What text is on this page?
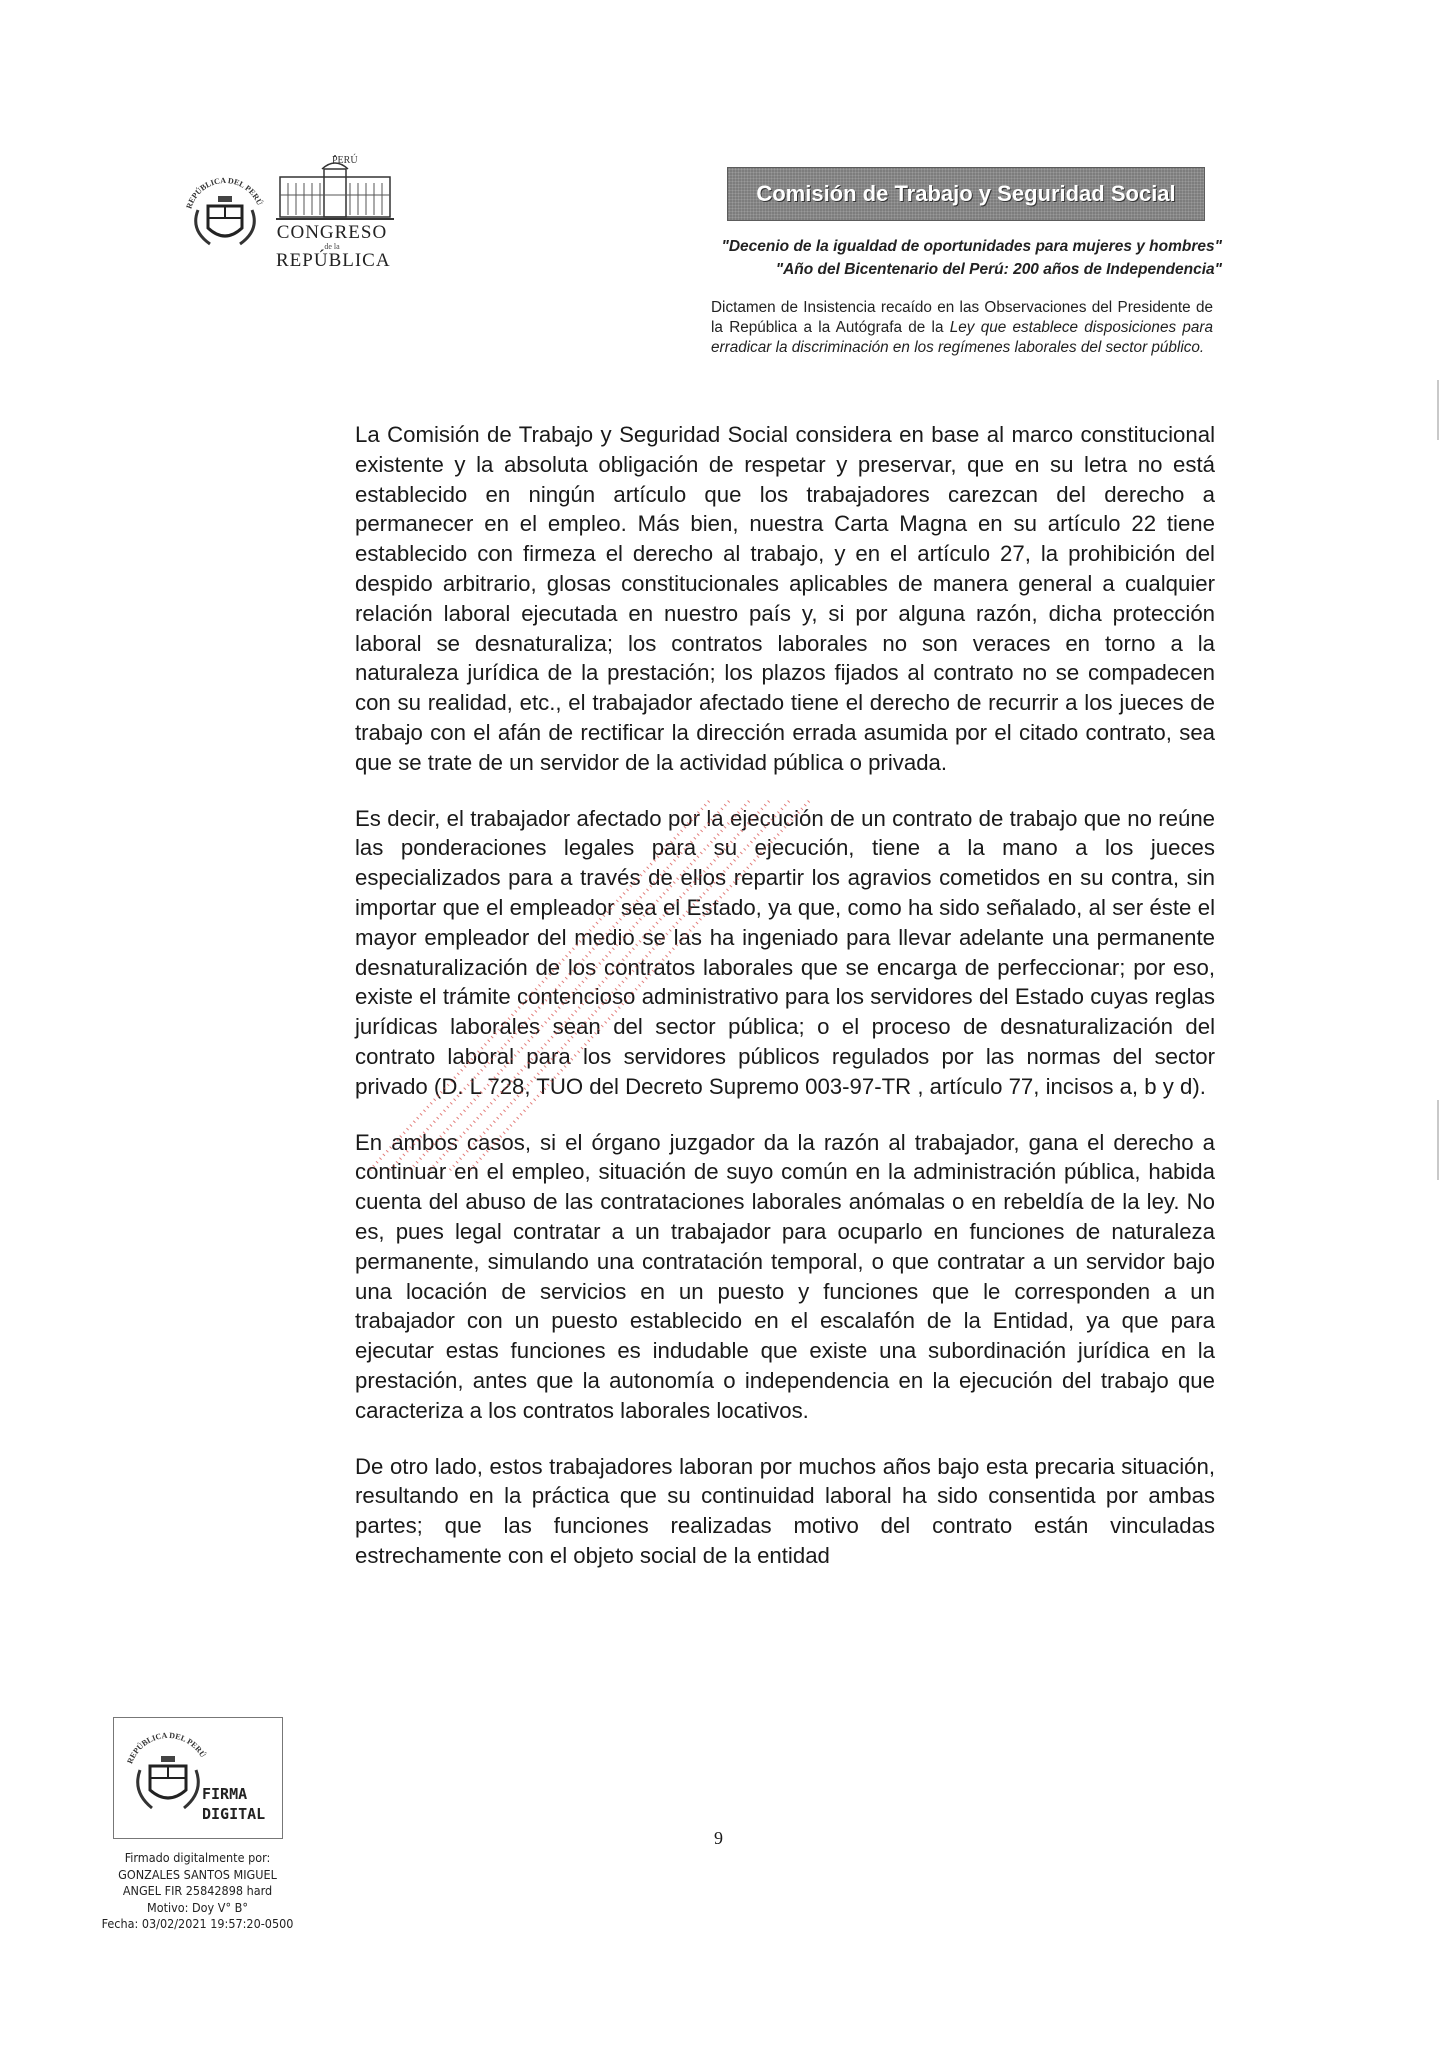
REPÚBLICA DEL PERÚ
PERÚ
CONGRESO
de la
REPÚBLICA
Comisión de Trabajo y Seguridad Social
"Decenio de la igualdad de oportunidades para mujeres y hombres"
"Año del Bicentenario del Perú: 200 años de Independencia"
Dictamen de Insistencia recaído en las Observaciones del Presidente de la República a la Autógrafa de la Ley que establece disposiciones para erradicar la discriminación en los regímenes laborales del sector público.

La Comisión de Trabajo y Seguridad Social considera en base al marco constitucional existente y la absoluta obligación de respetar y preservar, que en su letra no está establecido en ningún artículo que los trabajadores carezcan del derecho a permanecer en el empleo. Más bien, nuestra Carta Magna en su artículo 22 tiene establecido con firmeza el derecho al trabajo, y en el artículo 27, la prohibición del despido arbitrario, glosas constitucionales aplicables de manera general a cualquier relación laboral ejecutada en nuestro país y, si por alguna razón, dicha protección laboral se desnaturaliza; los contratos laborales no son veraces en torno a la naturaleza jurídica de la prestación; los plazos fijados al contrato no se compadecen con su realidad, etc., el trabajador afectado tiene el derecho de recurrir a los jueces de trabajo con el afán de rectificar la dirección errada asumida por el citado contrato, sea que se trate de un servidor de la actividad pública o privada.

Es decir, el trabajador afectado por la ejecución de un contrato de trabajo que no reúne las ponderaciones legales para su ejecución, tiene a la mano a los jueces especializados para a través de ellos repartir los agravios cometidos en su contra, sin importar que el empleador sea el Estado, ya que, como ha sido señalado, al ser éste el mayor empleador del medio se las ha ingeniado para llevar adelante una permanente desnaturalización de los contratos laborales que se encarga de perfeccionar; por eso, existe el trámite contencioso administrativo para los servidores del Estado cuyas reglas jurídicas laborales sean del sector pública; o el proceso de desnaturalización del contrato laboral para los servidores públicos regulados por las normas del sector privado (D. L 728, TUO del Decreto Supremo 003-97-TR , artículo 77, incisos a, b y d).

En ambos casos, si el órgano juzgador da la razón al trabajador, gana el derecho a continuar en el empleo, situación de suyo común en la administración pública, habida cuenta del abuso de las contrataciones laborales anómalas o en rebeldía de la ley. No es, pues legal contratar a un trabajador para ocuparlo en funciones de naturaleza permanente, simulando una contratación temporal, o que contratar a un servidor bajo una locación de servicios en un puesto y funciones que le corresponden a un trabajador con un puesto establecido en el escalafón de la Entidad, ya que para ejecutar estas funciones es indudable que existe una subordinación jurídica en la prestación, antes que la autonomía o independencia en la ejecución del trabajo que caracteriza a los contratos laborales locativos.

De otro lado, estos trabajadores laboran por muchos años bajo esta precaria situación, resultando en la práctica que su continuidad laboral ha sido consentida por ambas partes; que las funciones realizadas motivo del contrato están vinculadas estrechamente con el objeto social de la entidad

9
REPÚBLICA DEL PERÚ
FIRMA
DIGITAL
Firmado digitalmente por:
GONZALES SANTOS MIGUEL
ANGEL FIR 25842898 hard
Motivo: Doy V° B°
Fecha: 03/02/2021 19:57:20-0500
